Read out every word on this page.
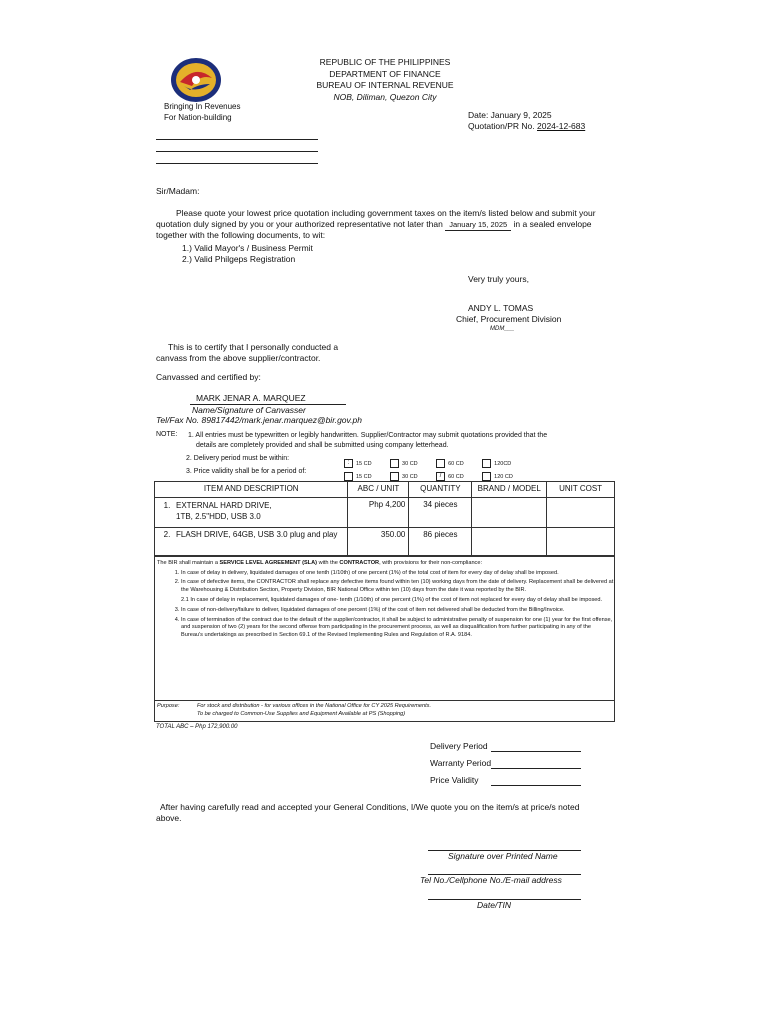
Bringing In Revenues
For Nation-building
REPUBLIC OF THE PHILIPPINES
DEPARTMENT OF FINANCE
BUREAU OF INTERNAL REVENUE
NOB, Diliman, Quezon City
Date: January 9, 2025
Quotation/PR No. 2024-12-683
Sir/Madam:
Please quote your lowest price quotation including government taxes on the item/s listed below and submit your
quotation duly signed by you or your authorized representative not later than January 15, 2025 in a sealed envelope
together with the following documents, to wit:
1.) Valid Mayor's / Business Permit
2.) Valid Philgeps Registration
Very truly yours,
ANDY L. TOMAS
Chief, Procurement Division
MDM___
This is to certify that I personally conducted a
canvass from the above supplier/contractor.
Canvassed and certified by:
MARK JENAR A. MARQUEZ
Name/Signature of Canvasser
Tel/Fax No. 89817442/mark.jenar.marquez@bir.gov.ph
NOTE: 1. All entries must be typewritten or legibly handwritten. Supplier/Contractor may submit quotations provided that the
details are completely provided and shall be submitted using company letterhead.
2. Delivery period must be within:
: 15 CD	30 CD	60 CD	120CD
3. Price validity shall be for a period of:
15 CD	30 CD	/ 60 CD	120 CD
ITEM AND DESCRIPTION	ABC / UNIT	QUANTITY	BRAND / MODEL	UNIT COST

1. EXTERNAL HARD DRIVE,
1TB, 2.5"HDD, USB 3.0	Php 4,200	34 pieces		

2. FLASH DRIVE, 64GB, USB 3.0 plug and play	350.00	86 pieces		
The BIR shall maintain a SERVICE LEVEL AGREEMENT (SLA) with the CONTRACTOR, with provisions for their non-compliance:
1. In case of delay in delivery, liquidated damages of one tenth (1/10th) of one percent (1%) of the total cost of item for every day of delay shall be imposed.
2. In case of defective items, the CONTRACTOR shall replace any defective items found within ten (10) working days from the date of delivery. Replacement shall be delivered at the Warehousing & Distribution Section, Property Division, BIR National Office within ten (10) days from the date it was reported by the BIR.
2.1 In case of delay in replacement, liquidated damages of one- tenth (1/10th) of one percent (1%) of the cost of item not replaced for every day of delay shall be imposed.
3. In case of non-delivery/failure to deliver, liquidated damages of one percent (1%) of the cost of item not delivered shall be deducted from the Billing/Invoice.
4. In case of termination of the contract due to the default of the supplier/contractor, it shall be subject to administrative penalty of suspension for one (1) year for the first offense, and suspension of two (2) years for the second offense from participating in the procurement process, as well as disqualification from further participating in any of the Bureau's undertakings as prescribed in Section 69.1 of the Revised Implementing Rules and Regulation of R.A. 9184.
Purpose:	For stock and distribution - for various offices in the National Office for CY 2025 Requirements.
To be charged to Common-Use Supplies and Equipment Available at PS (Shopping)
TOTAL ABC – Php 172,900.00
Delivery Period
Warranty Period
Price Validity
After having carefully read and accepted your General Conditions, I/We quote you on the item/s at price/s noted
above.
Signature over Printed Name
Tel No./Cellphone No./E-mail address
Date/TIN
